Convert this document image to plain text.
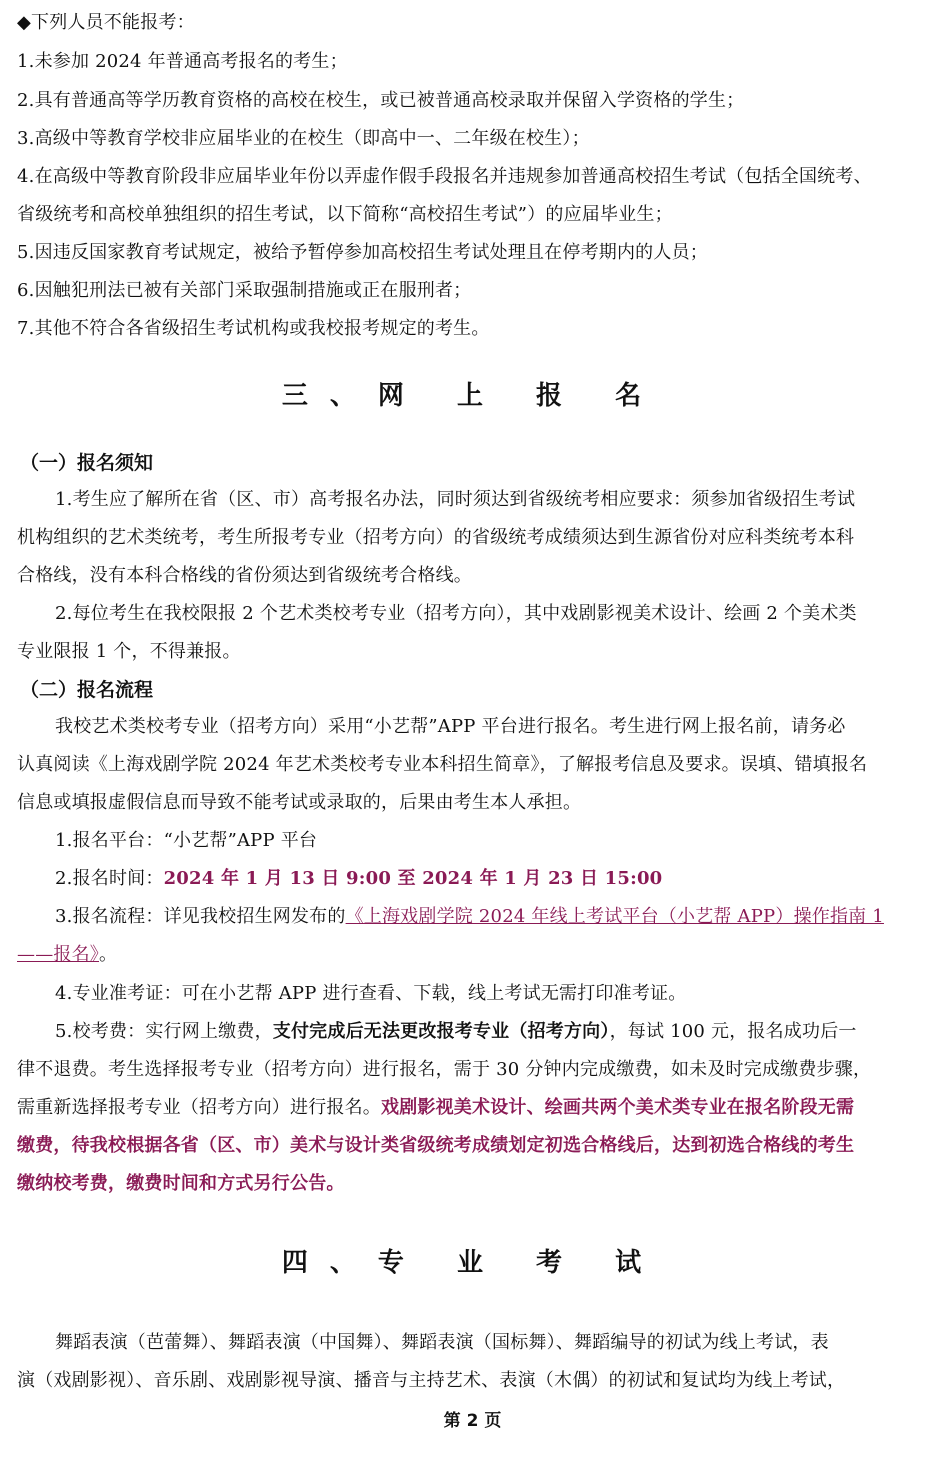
◆下列人员不能报考：
1.未参加 2024 年普通高考报名的考生；
2.具有普通高等学历教育资格的高校在校生，或已被普通高校录取并保留入学资格的学生；
3.高级中等教育学校非应届毕业的在校生（即高中一、二年级在校生）；
4.在高级中等教育阶段非应届毕业年份以弄虚作假手段报名并违规参加普通高校招生考试（包括全国统考、
省级统考和高校单独组织的招生考试，以下简称“高校招生考试”）的应届毕业生；
5.因违反国家教育考试规定，被给予暂停参加高校招生考试处理且在停考期内的人员；
6.因触犯刑法已被有关部门采取强制措施或正在服刑者；
7.其他不符合各省级招生考试机构或我校报考规定的考生。
三、网 上 报 名
（一）报名须知
1.考生应了解所在省（区、市）高考报名办法，同时须达到省级统考相应要求：须参加省级招生考试
机构组织的艺术类统考，考生所报考专业（招考方向）的省级统考成绩须达到生源省份对应科类统考本科
合格线，没有本科合格线的省份须达到省级统考合格线。
2.每位考生在我校限报 2 个艺术类校考专业（招考方向），其中戏剧影视美术设计、绘画 2 个美术类
专业限报 1 个，不得兼报。
（二）报名流程
我校艺术类校考专业（招考方向）采用“小艺帮”APP 平台进行报名。考生进行网上报名前，请务必
认真阅读《上海戏剧学院 2024 年艺术类校考专业本科招生简章》，了解报考信息及要求。误填、错填报名
信息或填报虚假信息而导致不能考试或录取的，后果由考生本人承担。
1.报名平台：“小艺帮”APP 平台
2.报名时间：2024 年 1 月 13 日 9:00 至 2024 年 1 月 23 日 15:00
3.报名流程：详见我校招生网发布的《上海戏剧学院 2024 年线上考试平台（小艺帮 APP）操作指南 1
——报名》。
4.专业准考证：可在小艺帮 APP 进行查看、下载，线上考试无需打印准考证。
5.校考费：实行网上缴费，支付完成后无法更改报考专业（招考方向），每试 100 元，报名成功后一
律不退费。考生选择报考专业（招考方向）进行报名，需于 30 分钟内完成缴费，如未及时完成缴费步骤，
需重新选择报考专业（招考方向）进行报名。戏剧影视美术设计、绘画共两个美术类专业在报名阶段无需
缴费，待我校根据各省（区、市）美术与设计类省级统考成绩划定初选合格线后，达到初选合格线的考生
缴纳校考费，缴费时间和方式另行公告。
四、专 业 考 试
舞蹈表演（芭蕾舞）、舞蹈表演（中国舞）、舞蹈表演（国标舞）、舞蹈编导的初试为线上考试，表
演（戏剧影视）、音乐剧、戏剧影视导演、播音与主持艺术、表演（木偶）的初试和复试均为线上考试，
第 2 页
